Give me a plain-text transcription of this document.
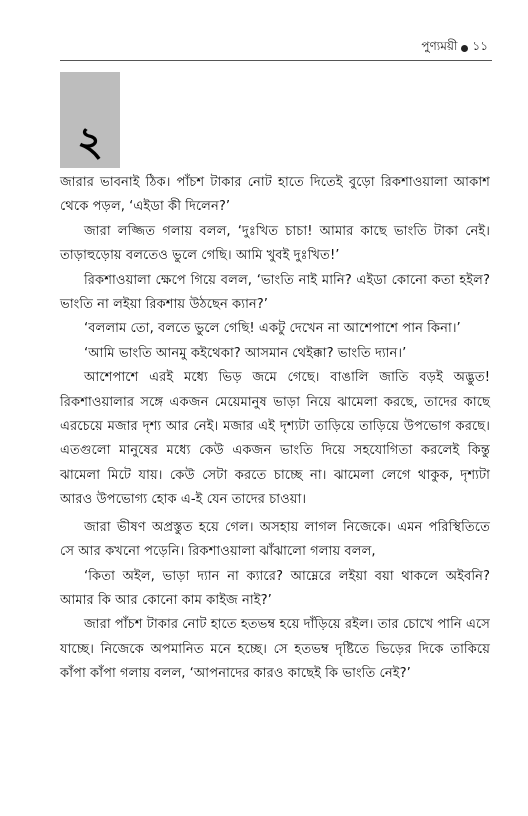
পুণ্যময়ী ১১
২

জারার ভাবনাই ঠিক। পাঁচশ টাকার নোট হাতে দিতেই বুড়ো রিকশাওয়ালা আকাশ থেকে পড়ল, ‘এইডা কী দিলেন?’

জারা লজ্জিত গলায় বলল, ‘দুঃখিত চাচা! আমার কাছে ভাংতি টাকা নেই। তাড়াহুড়োয় বলতেও ভুলে গেছি। আমি খুবই দুঃখিত!’

রিকশাওয়ালা ক্ষেপে গিয়ে বলল, ‘ভাংতি নাই মানি? এইডা কোনো কতা হইল? ভাংতি না লইয়া রিকশায় উঠছেন ক্যান?’

‘বললাম তো, বলতে ভুলে গেছি! একটু দেখেন না আশেপাশে পান কিনা।’

‘আমি ভাংতি আনমু কইথেকা? আসমান থেইক্কা? ভাংতি দ্যান।’

আশেপাশে এরই মধ্যে ভিড় জমে গেছে। বাঙালি জাতি বড়ই অদ্ভুত! রিকশাওয়ালার সঙ্গে একজন মেয়েমানুষ ভাড়া নিয়ে ঝামেলা করছে, তাদের কাছে এরচেয়ে মজার দৃশ্য আর নেই। মজার এই দৃশ্যটা তাড়িয়ে তাড়িয়ে উপভোগ করছে। এতগুলো মানুষের মধ্যে কেউ একজন ভাংতি দিয়ে সহযোগিতা করলেই কিন্তু ঝামেলা মিটে যায়। কেউ সেটা করতে চাচ্ছে না। ঝামেলা লেগে থাকুক, দৃশ্যটা আরও উপভোগ্য হোক এ-ই যেন তাদের চাওয়া।

জারা ভীষণ অপ্রস্তুত হয়ে গেল। অসহায় লাগল নিজেকে। এমন পরিস্থিতিতে সে আর কখনো পড়েনি। রিকশাওয়ালা ঝাঁঝালো গলায় বলল,

‘কিতা অইল, ভাড়া দ্যান না ক্যারে? আম্নেরে লইয়া বয়া থাকলে অইবনি? আমার কি আর কোনো কাম কাইজ নাই?’

জারা পাঁচশ টাকার নোট হাতে হতভম্ব হয়ে দাঁড়িয়ে রইল। তার চোখে পানি এসে যাচ্ছে। নিজেকে অপমানিত মনে হচ্ছে। সে হতভম্ব দৃষ্টিতে ভিড়ের দিকে তাকিয়ে কাঁপা কাঁপা গলায় বলল, ‘আপনাদের কারও কাছেই কি ভাংতি নেই?’
